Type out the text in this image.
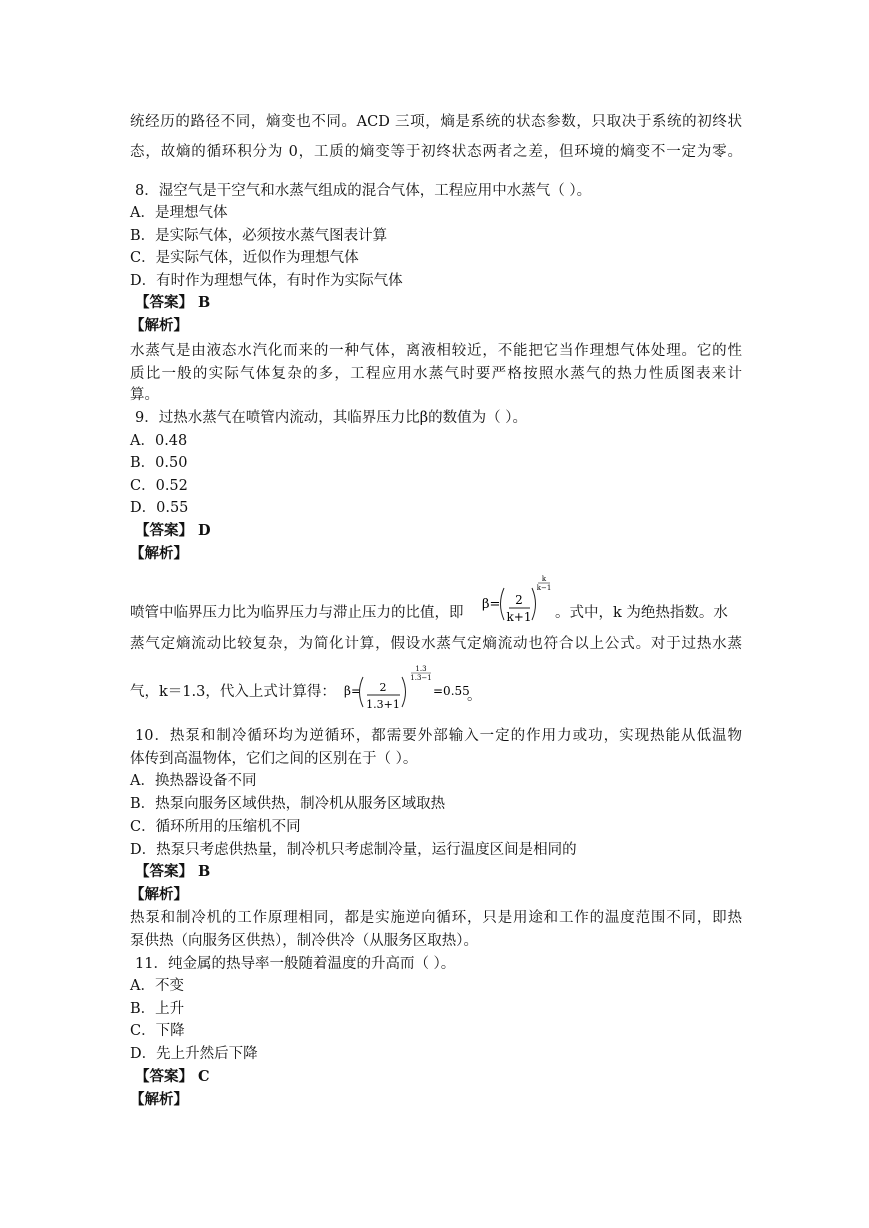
统经历的路径不同，熵变也不同。ACD 三项，熵是系统的状态参数，只取决于系统的初终状
态，故熵的循环积分为 0，工质的熵变等于初终状态两者之差，但环境的熵变不一定为零。
8．湿空气是干空气和水蒸气组成的混合气体，工程应用中水蒸气（ ）。
A．是理想气体
B．是实际气体，必须按水蒸气图表计算
C．是实际气体，近似作为理想气体
D．有时作为理想气体，有时作为实际气体
【答案】 B
【解析】
水蒸气是由液态水汽化而来的一种气体，离液相较近，不能把它当作理想气体处理。它的性
质比一般的实际气体复杂的多，工程应用水蒸气时要严格按照水蒸气的热力性质图表来计
算。
9．过热水蒸气在喷管内流动，其临界压力比β的数值为（ ）。
A．0.48
B．0.50
C．0.52
D．0.55
【答案】 D
【解析】
喷管中临界压力比为临界压力与滞止压力的比值，即
β= 2
k+1
k
k−1
。式中，k 为绝热指数。水
蒸气定熵流动比较复杂，为简化计算，假设水蒸气定熵流动也符合以上公式。对于过热水蒸
气，k＝1.3，代入上式计算得： β= 2
1.3+1
1.3
1.3−1
=0.55
。
10．热泵和制冷循环均为逆循环，都需要外部输入一定的作用力或功，实现热能从低温物
体传到高温物体，它们之间的区别在于（ ）。
A．换热器设备不同
B．热泵向服务区域供热，制冷机从服务区域取热
C．循环所用的压缩机不同
D．热泵只考虑供热量，制冷机只考虑制冷量，运行温度区间是相同的
【答案】 B
【解析】
热泵和制冷机的工作原理相同，都是实施逆向循环，只是用途和工作的温度范围不同，即热
泵供热（向服务区供热），制冷供冷（从服务区取热）。
11．纯金属的热导率一般随着温度的升高而（ ）。
A．不变
B．上升
C．下降
D．先上升然后下降
【答案】 C
【解析】
